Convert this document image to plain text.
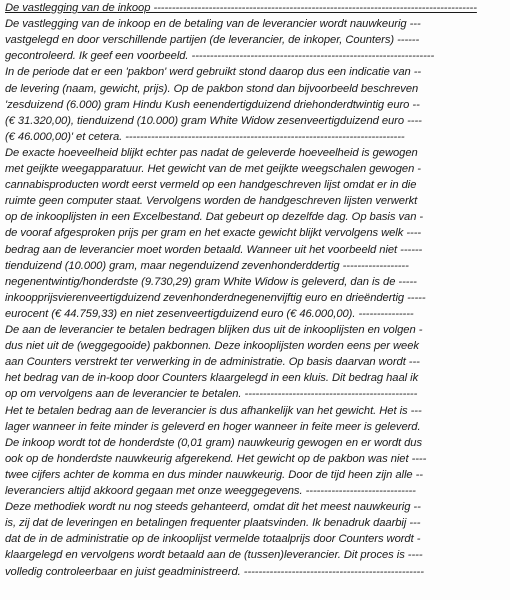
De vastlegging van de inkoop ----------------------------------------------------------------------------------------
De vastlegging van de inkoop en de betaling van de leverancier wordt nauwkeurig ---
vastgelegd en door verschillende partijen (de leverancier, de inkoper, Counters) ------
gecontroleerd. Ik geef een voorbeeld. ------------------------------------------------------------------
In de periode dat er een 'pakbon' werd gebruikt stond daarop dus een indicatie van --
de levering (naam, gewicht, prijs). Op de pakbon stond dan bijvoorbeeld beschreven
'zesduizend (6.000) gram Hindu Kush eenendertigduizend driehonderdtwintig euro --
(€ 31.320,00), tienduizend (10.000) gram White Widow zesenveertigduizend euro ----
(€ 46.000,00)' et cetera. ----------------------------------------------------------------------------
De exacte hoeveelheid blijkt echter pas nadat de geleverde hoeveelheid is gewogen
met geijkte weegapparatuur. Het gewicht van de met geijkte weegschalen gewogen -
cannabisproducten wordt eerst vermeld op een handgeschreven lijst omdat er in die
ruimte geen computer staat. Vervolgens worden de handgeschreven lijsten verwerkt
op de inkooplijsten in een Excelbestand. Dat gebeurt op dezelfde dag. Op basis van -
de vooraf afgesproken prijs per gram en het exacte gewicht blijkt vervolgens welk ----
bedrag aan de leverancier moet worden betaald. Wanneer uit het voorbeeld niet ------
tienduizend (10.000) gram, maar negenduizend zevenhonderddertig ------------------
negenentwintig/honderdste (9.730,29) gram White Widow is geleverd, dan is de -----
inkoopprijsvierenveertigduizend zevenhonderdnegenenvijftig euro en drieëndertig -----
eurocent (€ 44.759,33) en niet zesenveertigduizend euro (€ 46.000,00). ---------------
De aan de leverancier te betalen bedragen blijken dus uit de inkooplijsten en volgen -
dus niet uit de (weggegooide) pakbonnen. Deze inkooplijsten worden eens per week
aan Counters verstrekt ter verwerking in de administratie. Op basis daarvan wordt ---
het bedrag van de in-koop door Counters klaargelegd in een kluis. Dit bedrag haal ik
op om vervolgens aan de leverancier te betalen. -----------------------------------------------
Het te betalen bedrag aan de leverancier is dus afhankelijk van het gewicht. Het is ---
lager wanneer in feite minder is geleverd en hoger wanneer in feite meer is geleverd.
De inkoop wordt tot de honderdste (0,01 gram) nauwkeurig gewogen en er wordt dus
ook op de honderdste nauwkeurig afgerekend. Het gewicht op de pakbon was niet ----
twee cijfers achter de komma en dus minder nauwkeurig. Door de tijd heen zijn alle --
leveranciers altijd akkoord gegaan met onze weeggegevens. ------------------------------
Deze methodiek wordt nu nog steeds gehanteerd, omdat dit het meest nauwkeurig --
is, zij dat de leveringen en betalingen frequenter plaatsvinden. Ik benadruk daarbij ---
dat de in de administratie op de inkooplijst vermelde totaalprijs door Counters wordt -
klaargelegd en vervolgens wordt betaald aan de (tussen)leverancier. Dit proces is ----
volledig controleerbaar en juist geadministreerd. -------------------------------------------------
